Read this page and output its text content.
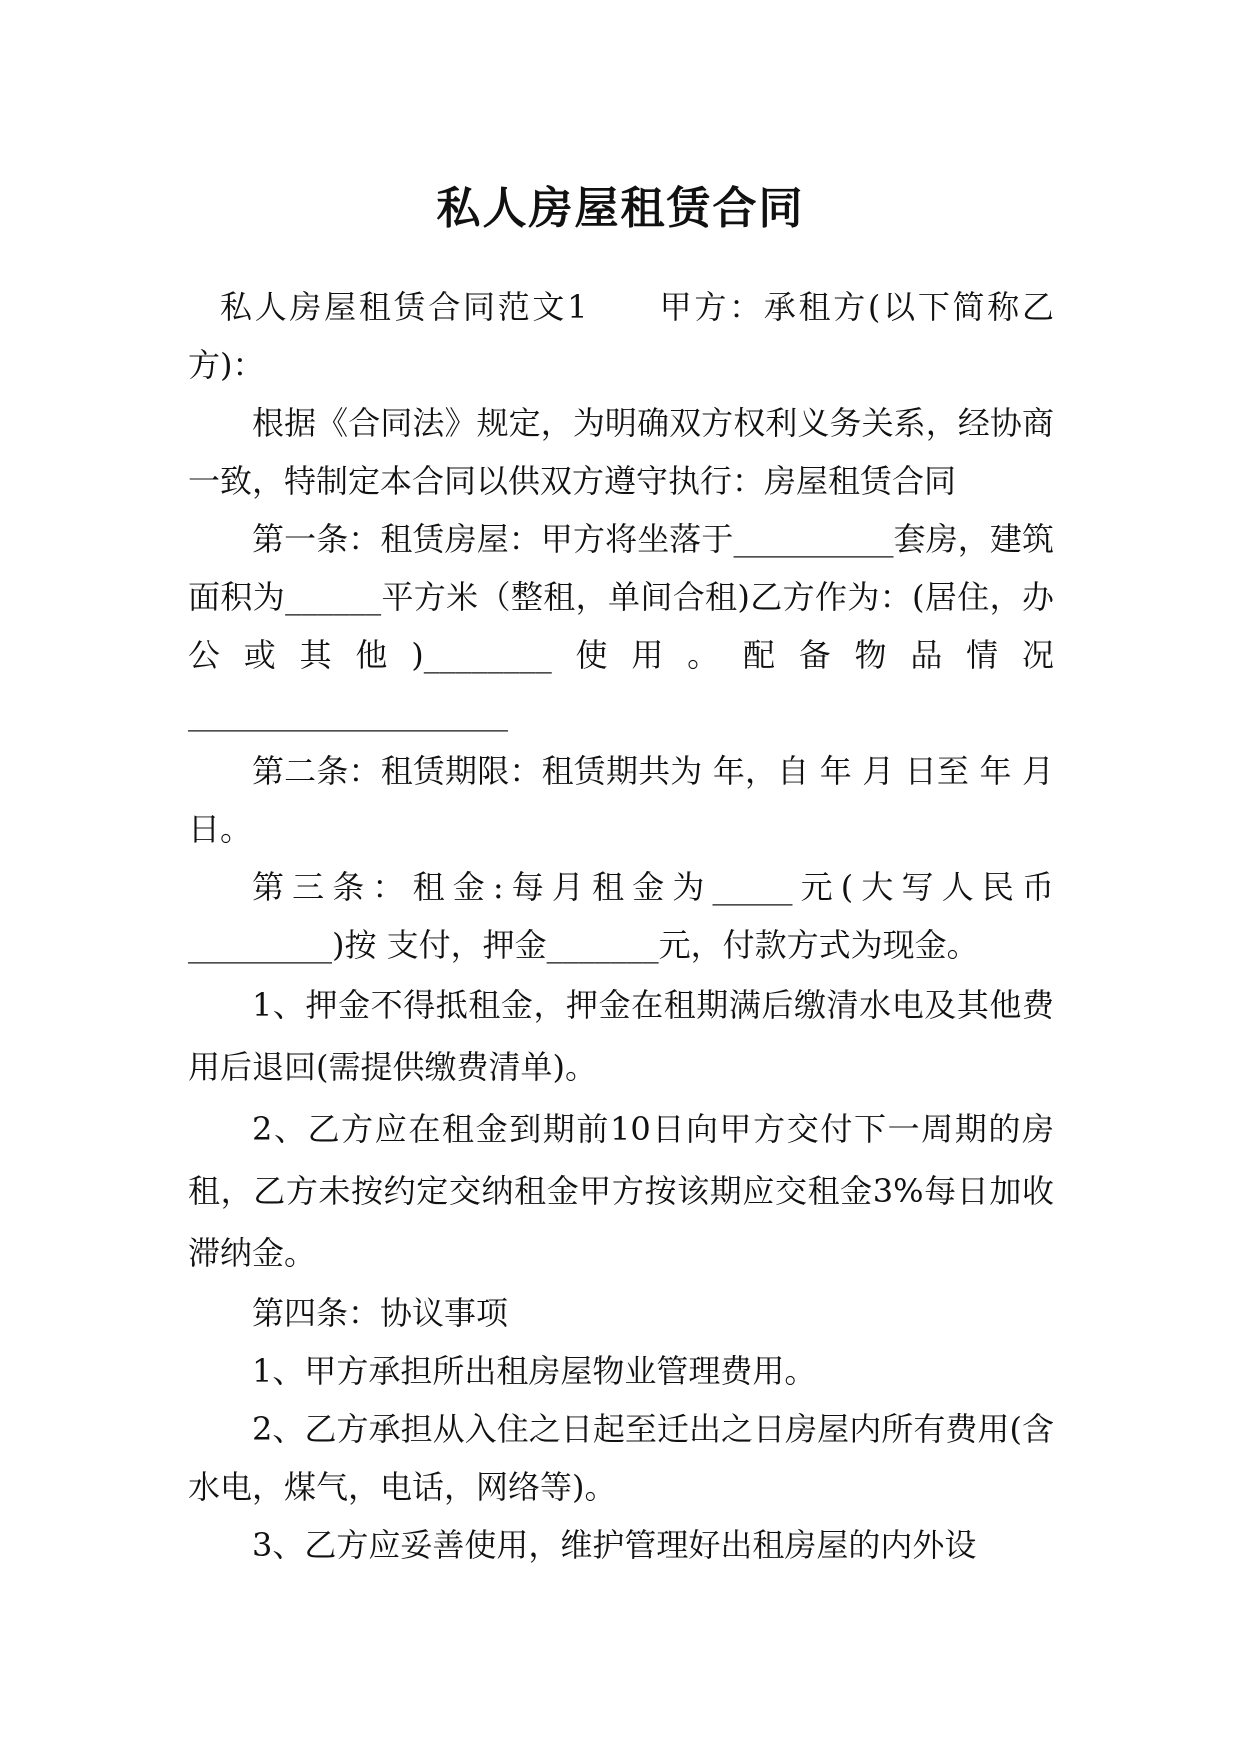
私人房屋租赁合同

私人房屋租赁合同范文1　　甲方：承租方(以下简称乙方)：

根据《合同法》规定，为明确双方权利义务关系，经协商一致，特制定本合同以供双方遵守执行：房屋租赁合同

第一条：租赁房屋：甲方将坐落于__________套房，建筑面积为______平方米（整租，单间合租)乙方作为：(居住，办公或其他)________使用。配备物品情况____________________

第二条：租赁期限：租赁期共为 年，自 年 月 日至 年 月 日。

第三条：租金:每月租金为_____元(大写人民币_________)按 支付，押金_______元，付款方式为现金。

1、押金不得抵租金，押金在租期满后缴清水电及其他费用后退回(需提供缴费清单)。

2、乙方应在租金到期前10日向甲方交付下一周期的房租，乙方未按约定交纳租金甲方按该期应交租金3%每日加收滞纳金。

第四条：协议事项

1、甲方承担所出租房屋物业管理费用。

2、乙方承担从入住之日起至迁出之日房屋内所有费用(含水电，煤气，电话，网络等)。

3、乙方应妥善使用，维护管理好出租房屋的内外设
